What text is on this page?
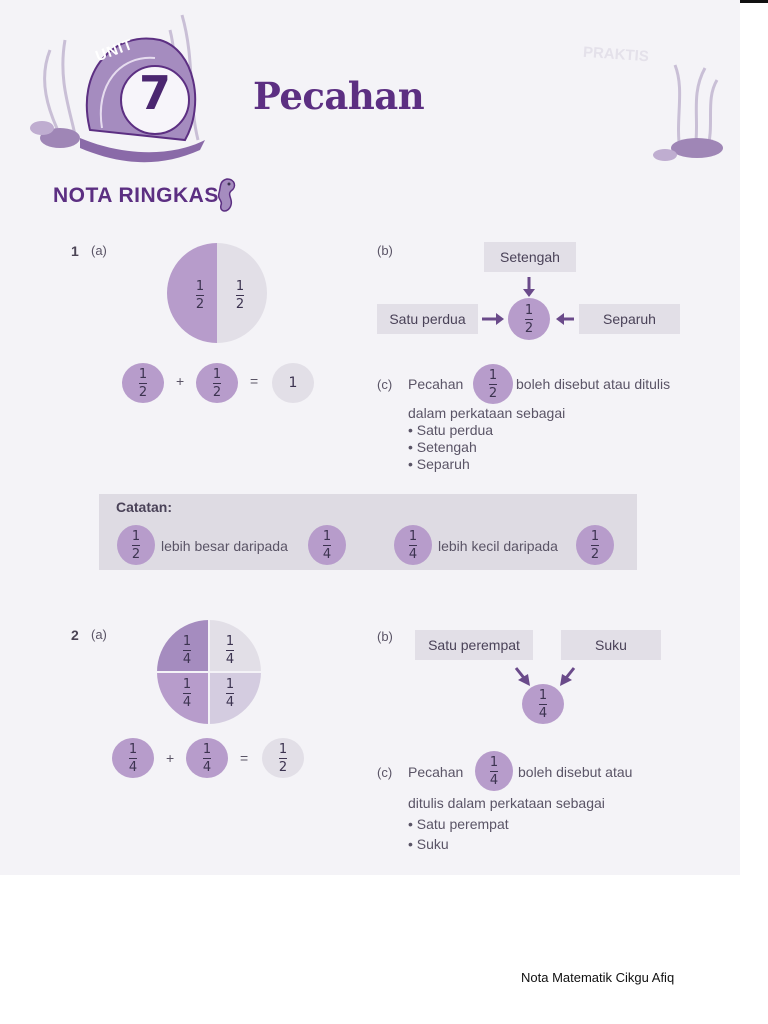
UNIT
7 Pecahan
PRAKTIS
NOTA RINGKAS
1 (a)
1
2
1
2
1
2
+ 1
2
= 1
(b)	Setengah
Satu perdua	Separuh
1
2
(c) Pecahan
1
2
boleh disebut atau ditulis
dalam perkataan sebagai
• Satu perdua
• Setengah
• Separuh
Catatan:
1
2 lebih besar daripada
1
4
1
4 lebih kecil daripada
1
2
2 (a)	1
4
1
4
1
4
1
4
1
4
+
1
4
=
1
2
(b)
Satu perempat	Suku
1
4
(c) Pecahan
1
4 boleh disebut atau
ditulis dalam perkataan sebagai
• Satu perempat
• Suku
Nota Matematik Cikgu Afiq
